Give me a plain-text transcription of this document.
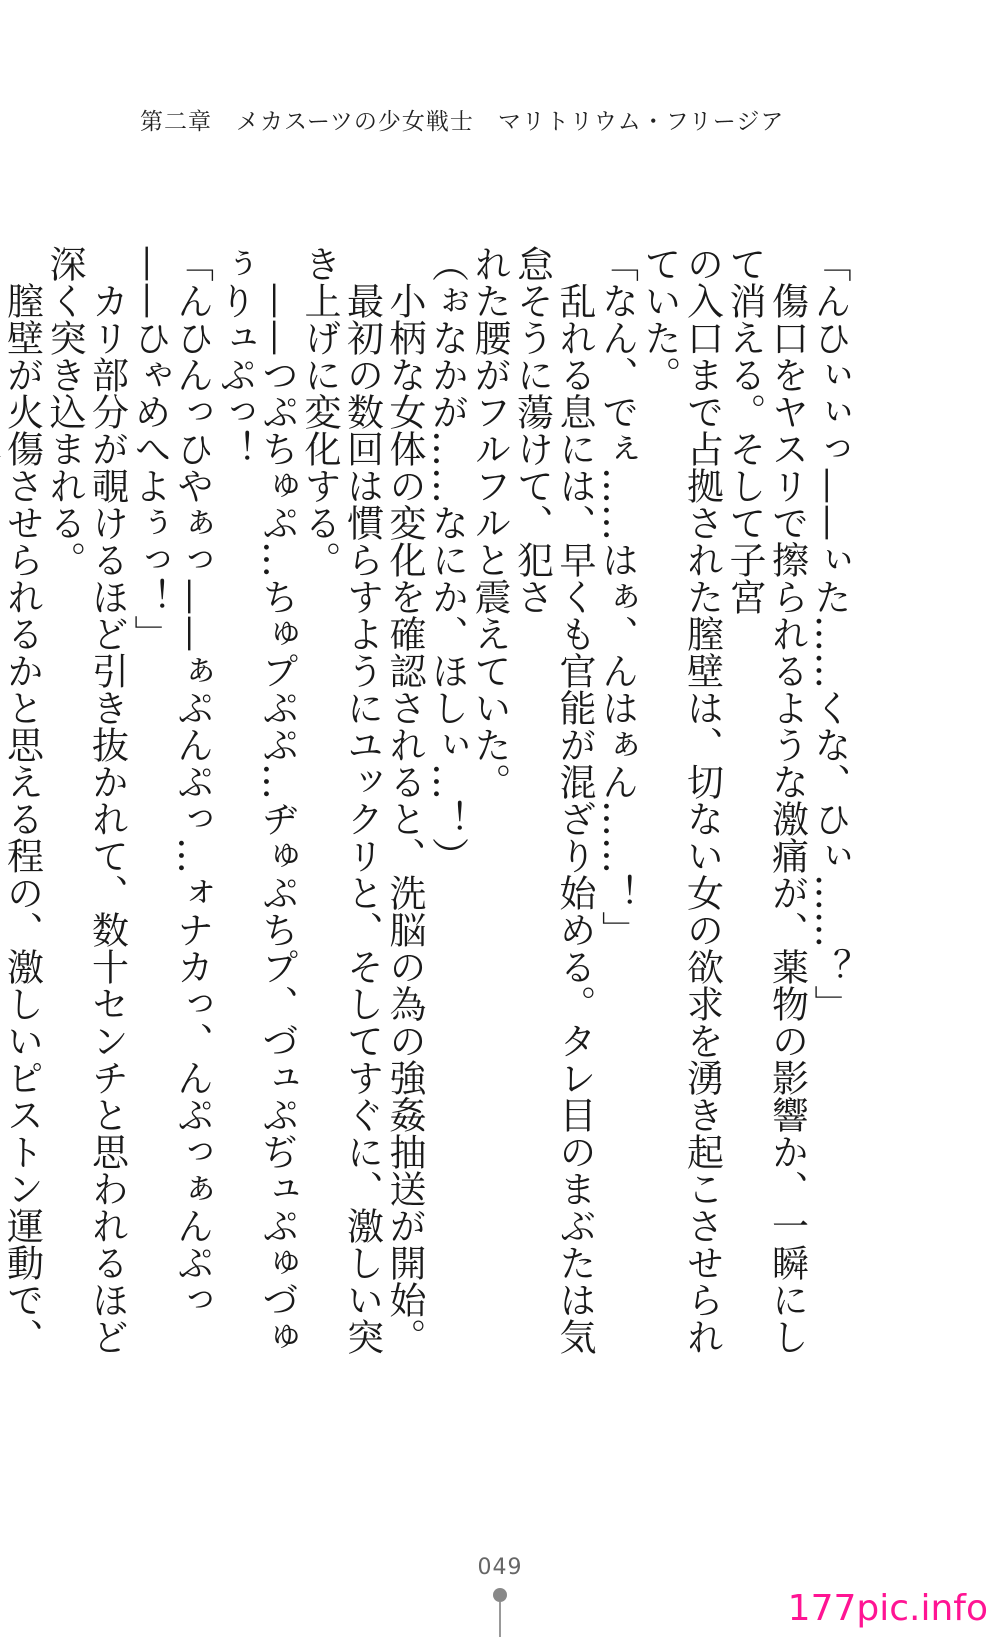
第二章　メカスーツの少女戦士　マリトリウム・フリージア

「んひぃぃっ——ぃた……くな、ひぃ……？」

　傷口をヤスリで擦られるような激痛が、薬物の影響か、一瞬にして消える。そして子宮

の入口まで占拠された膣壁は、切ない女の欲求を湧き起こさせられていた。

「なん、でぇ……はぁ、んはぁん……！」

　乱れる息には、早くも官能が混ざり始める。タレ目のまぶたは気怠そうに蕩けて、犯さ

れた腰がフルフルと震えていた。

（ぉなかが……なにか、ほしぃ…！）

　小柄な女体の変化を確認されると、洗脳の為の強姦抽送が開始。

　最初の数回は慣らすようにユックリと、そしてすぐに、激しい突き上げに変化する。

　——つぷちゅぷ…ちゅプぷぷ…ヂゅぷちプ、づュぷぢュぷゅづゅぅりュぷっ！

「んひんっひやぁっ——ぁぷんぷっ…ォナカっ、んぷっぁんぷっ——ひゃめへよぅっ！」

　カリ部分が覗けるほど引き抜かれて、数十センチと思われるほど深く突き込まれる。

　膣壁が火傷させられるかと思える程の、激しいピストン運動で、

049
177pic.info
